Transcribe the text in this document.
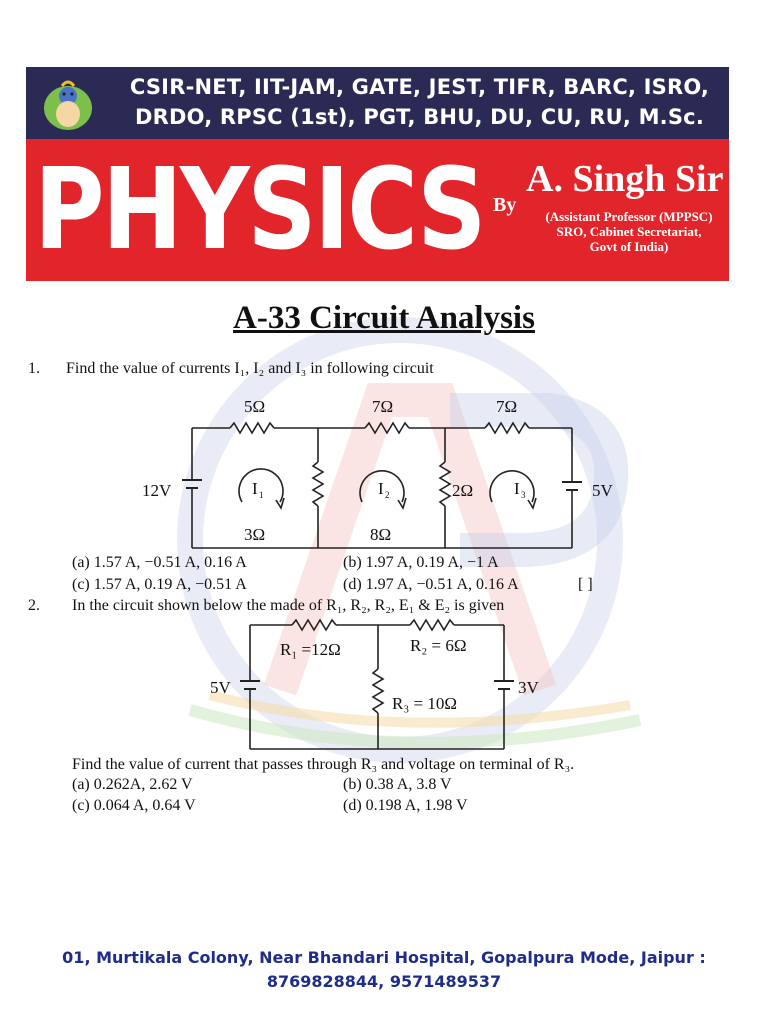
CSIR-NET, IIT-JAM, GATE, JEST, TIFR, BARC, ISRO,
DRDO, RPSC (1st), PGT, BHU, DU, CU, RU, M.Sc.
PHYSICS By
A. Singh Sir
(Assistant Professor (MPPSC)
SRO, Cabinet Secretariat,
Govt of India)
A-33 Circuit Analysis
1. Find the value of currents I₁, I₂ and I₃ in following circuit
5Ω	7Ω	7Ω
12V	5V
I 1	I 2	I 3
2Ω
3Ω	8Ω
(a) 1.57 A, −0.51 A, 0.16 A	(b) 1.97 A, 0.19 A, −1 A
(c) 1.57 A, 0.19 A, −0.51 A	(d) 1.97 A, −0.51 A, 0.16 A	[ ]
2. In the circuit shown below the made of R₁, R₂, R₂, E₁ & E₂ is given
R₁ =12Ω	R₂ = 6Ω
R₃ = 10Ω
5V	3V
Find the value of current that passes through R₃ and voltage on terminal of R₃.
(a) 0.262A, 2.62 V	(b) 0.38 A, 3.8 V
(c) 0.064 A, 0.64 V	(d) 0.198 A, 1.98 V
01, Murtikala Colony, Near Bhandari Hospital, Gopalpura Mode, Jaipur :
8769828844, 9571489537
